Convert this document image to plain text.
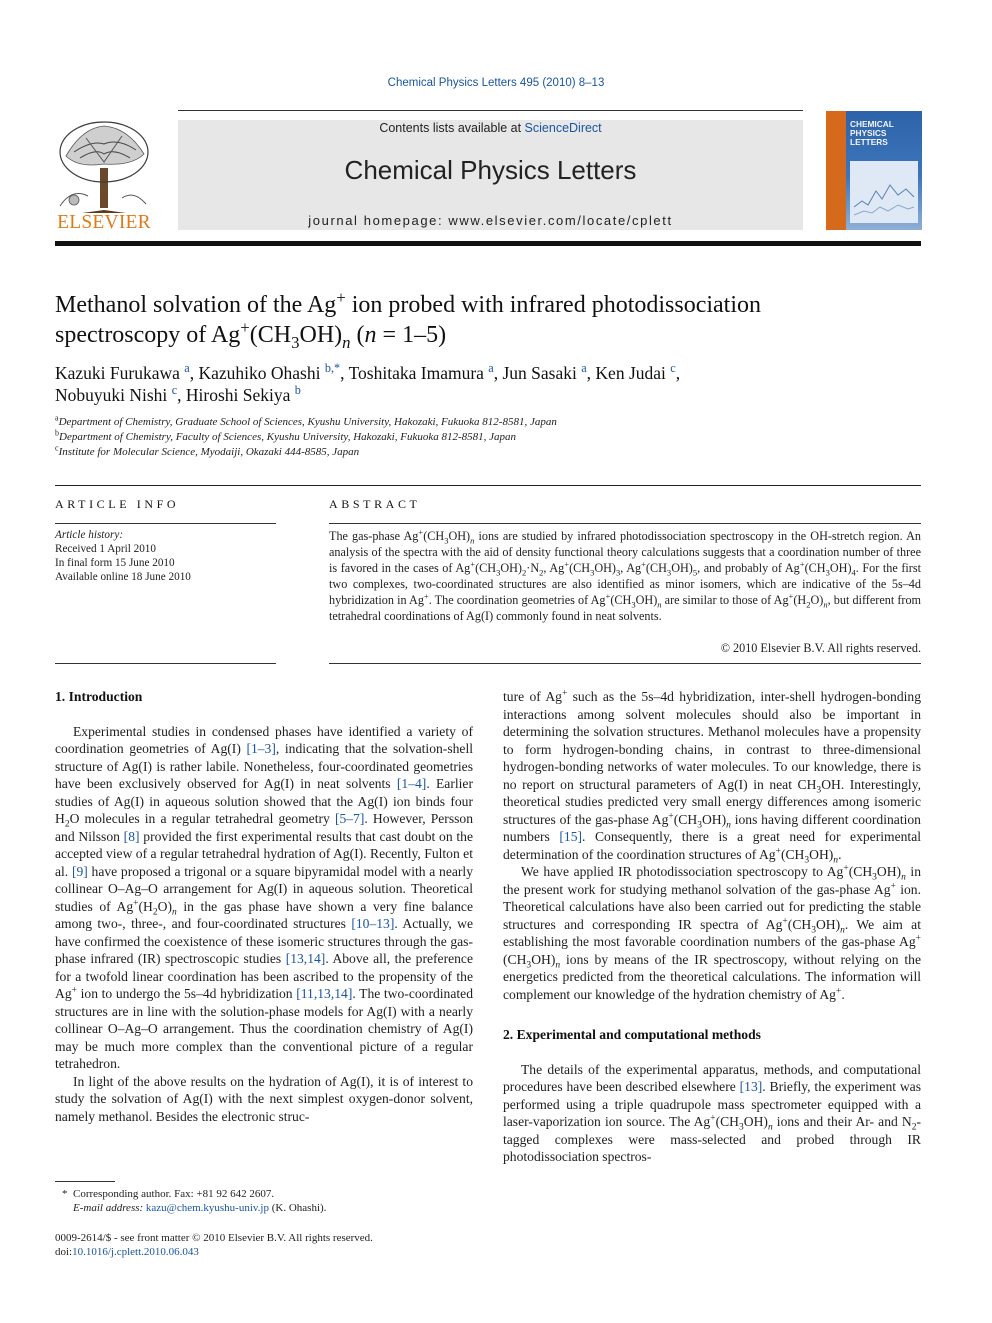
Chemical Physics Letters 495 (2010) 8–13
ELSEVIER
Contents lists available at ScienceDirect
Chemical Physics Letters
journal homepage: www.elsevier.com/locate/cplett
CHEMICAL PHYSICS LETTERS
Methanol solvation of the Ag+ ion probed with infrared photodissociation
spectroscopy of $Ag^+(CH_3OH)_n$ (n = 1–5)
Kazuki Furukawa $^a$, Kazuhiko Ohashi $^{b,*}$, Toshitaka Imamura $^a$, Jun Sasaki $^a$, Ken Judai $^c$,
Nobuyuki Nishi $^c$, Hiroshi Sekiya $^b$
$^a$Department of Chemistry, Graduate School of Sciences, Kyushu University, Hakozaki, Fukuoka 812-8581, Japan
$^b$Department of Chemistry, Faculty of Sciences, Kyushu University, Hakozaki, Fukuoka 812-8581, Japan
$^c$Institute for Molecular Science, Myodaiji, Okazaki 444-8585, Japan
ARTICLE INFO	ABSTRACT
Article history:
Received 1 April 2010
In final form 15 June 2010
Available online 18 June 2010
The gas-phase $Ag^+(CH_3OH)_n$ ions are studied by infrared photodissociation spectroscopy in the OH-stretch region. An analysis of the spectra with the aid of density functional theory calculations suggests that a coordination number of three is favored in the cases of $Ag^+(CH_3OH)_2\cdot N_2$, $Ag^+(CH_3OH)_3$, $Ag^+(CH_3OH)_5$, and probably of $Ag^+(CH_3OH)_4$. For the first two complexes, two-coordinated structures are also identified as minor isomers, which are indicative of the 5s–4d hybridization in Ag+. The coordination geometries of $Ag^+(CH_3OH)_n$ are similar to those of $Ag^+(H_2O)_n$, but different from tetrahedral coordinations of Ag(I) commonly found in neat solvents.
© 2010 Elsevier B.V. All rights reserved.
1. Introduction

Experimental studies in condensed phases have identified a variety of coordination geometries of Ag(I) [1–3], indicating that the solvation-shell structure of Ag(I) is rather labile. Nonetheless, four-coordinated geometries have been exclusively observed for Ag(I) in neat solvents [1–4]. Earlier studies of Ag(I) in aqueous solution showed that the Ag(I) ion binds four $H_2O$ molecules in a regular tetrahedral geometry [5–7]. However, Persson and Nilsson [8] provided the first experimental results that cast doubt on the accepted view of a regular tetrahedral hydration of Ag(I). Recently, Fulton et al. [9] have proposed a trigonal or a square bipyramidal model with a nearly collinear O–Ag–O arrangement for Ag(I) in aqueous solution. Theoretical studies of $Ag^+(H_2O)_n$ in the gas phase have shown a very fine balance among two-, three-, and four-coordinated structures [10–13]. Actually, we have confirmed the coexistence of these isomeric structures through the gas-phase infrared (IR) spectroscopic studies [13,14]. Above all, the preference for a twofold linear coordination has been ascribed to the propensity of the Ag+ ion to undergo the 5s–4d hybridization [11,13,14]. The two-coordinated structures are in line with the solution-phase models for Ag(I) with a nearly collinear O–Ag–O arrangement. Thus the coordination chemistry of Ag(I) may be much more complex than the conventional picture of a regular tetrahedron.

In light of the above results on the hydration of Ag(I), it is of interest to study the solvation of Ag(I) with the next simplest oxygen-donor solvent, namely methanol. Besides the electronic struc-

ture of Ag+ such as the 5s–4d hybridization, inter-shell hydrogen-bonding interactions among solvent molecules should also be important in determining the solvation structures. Methanol molecules have a propensity to form hydrogen-bonding chains, in contrast to three-dimensional hydrogen-bonding networks of water molecules. To our knowledge, there is no report on structural parameters of Ag(I) in neat $CH_3OH$. Interestingly, theoretical studies predicted very small energy differences among isomeric structures of the gas-phase $Ag^+(CH_3OH)_n$ ions having different coordination numbers [15]. Consequently, there is a great need for experimental determination of the coordination structures of $Ag^+(CH_3OH)_n$.

We have applied IR photodissociation spectroscopy to $Ag^+(CH_3OH)_n$ in the present work for studying methanol solvation of the gas-phase Ag+ ion. Theoretical calculations have also been carried out for predicting the stable structures and corresponding IR spectra of $Ag^+(CH_3OH)_n$. We aim at establishing the most favorable coordination numbers of the gas-phase $Ag^+(CH_3OH)_n$ ions by means of the IR spectroscopy, without relying on the energetics predicted from the theoretical calculations. The information will complement our knowledge of the hydration chemistry of Ag+.

2. Experimental and computational methods

The details of the experimental apparatus, methods, and computational procedures have been described elsewhere [13]. Briefly, the experiment was performed using a triple quadrupole mass spectrometer equipped with a laser-vaporization ion source. The $Ag^+(CH_3OH)_n$ ions and their Ar- and $N_2$-tagged complexes were mass-selected and probed through IR photodissociation spectros-

*  Corresponding author. Fax: +81 92 642 2607.
E-mail address: kazu@chem.kyushu-univ.jp (K. Ohashi).
0009-2614/$ - see front matter © 2010 Elsevier B.V. All rights reserved.
doi:10.1016/j.cplett.2010.06.043
